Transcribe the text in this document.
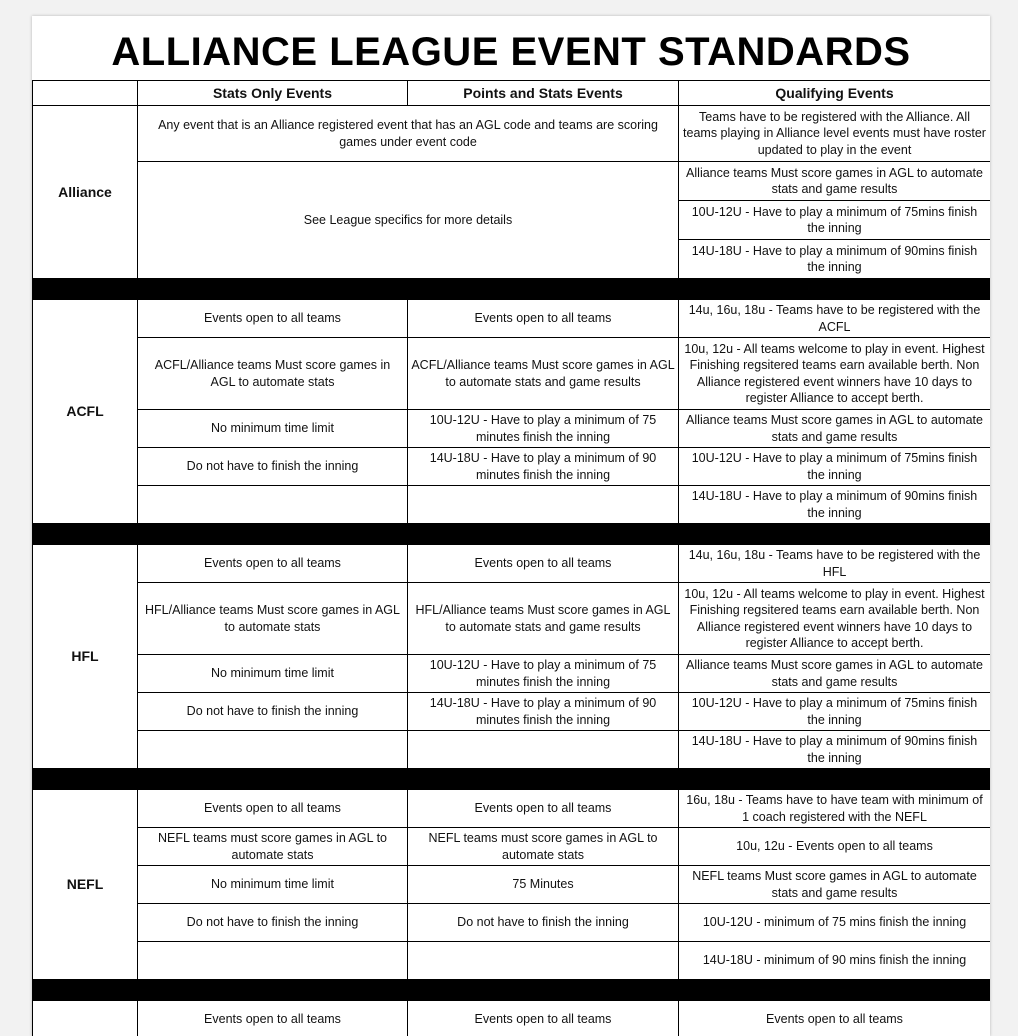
ALLIANCE LEAGUE EVENT STANDARDS
	Stats Only Events	Points and Stats Events	Qualifying Events
Alliance	Any event that is an Alliance registered event that has an AGL code and teams are scoring games under event code		Teams have to be registered with the Alliance. All teams playing in Alliance level events must have roster updated to play in the event
	See League specifics for more details		Alliance teams Must score games in AGL to automate stats and game results
			10U-12U - Have to play a minimum of 75mins finish the inning
			14U-18U - Have to play a minimum of 90mins finish the inning

ACFL	Events open to all teams	Events open to all teams	14u, 16u, 18u - Teams have to be registered with the ACFL
	ACFL/Alliance teams Must score games in AGL to automate stats	ACFL/Alliance teams Must score games in AGL to automate stats and game results	10u, 12u - All teams welcome to play in event. Highest Finishing regsitered teams earn available berth. Non Alliance registered event winners have 10 days to register Alliance to accept berth.
	No minimum time limit	10U-12U - Have to play a minimum of 75 minutes finish the inning	Alliance teams Must score games in AGL to automate stats and game results
	Do not have to finish the inning	14U-18U - Have to play a minimum of 90 minutes finish the inning	10U-12U - Have to play a minimum of 75mins finish the inning
			14U-18U - Have to play a minimum of 90mins finish the inning

HFL	Events open to all teams	Events open to all teams	14u, 16u, 18u - Teams have to be registered with the HFL
	HFL/Alliance teams Must score games in AGL to automate stats	HFL/Alliance teams Must score games in AGL to automate stats and game results	10u, 12u - All teams welcome to play in event. Highest Finishing regsitered teams earn available berth. Non Alliance registered event winners have 10 days to register Alliance to accept berth.
	No minimum time limit	10U-12U - Have to play a minimum of 75 minutes finish the inning	Alliance teams Must score games in AGL to automate stats and game results
	Do not have to finish the inning	14U-18U - Have to play a minimum of 90 minutes finish the inning	10U-12U - Have to play a minimum of 75mins finish the inning
			14U-18U - Have to play a minimum of 90mins finish the inning

NEFL	Events open to all teams	Events open to all teams	16u, 18u - Teams have to have team with minimum of 1 coach registered with the NEFL
	NEFL teams must score games in AGL to automate stats	NEFL teams must score games in AGL to automate stats	10u, 12u - Events open to all teams
	No minimum time limit	75 Minutes	NEFL teams Must score games in AGL to automate stats and game results
	Do not have to finish the inning	Do not have to finish the inning	10U-12U - minimum of 75 mins finish the inning
			14U-18U - minimum of 90 mins finish the inning

	Events open to all teams	Events open to all teams	Events open to all teams
